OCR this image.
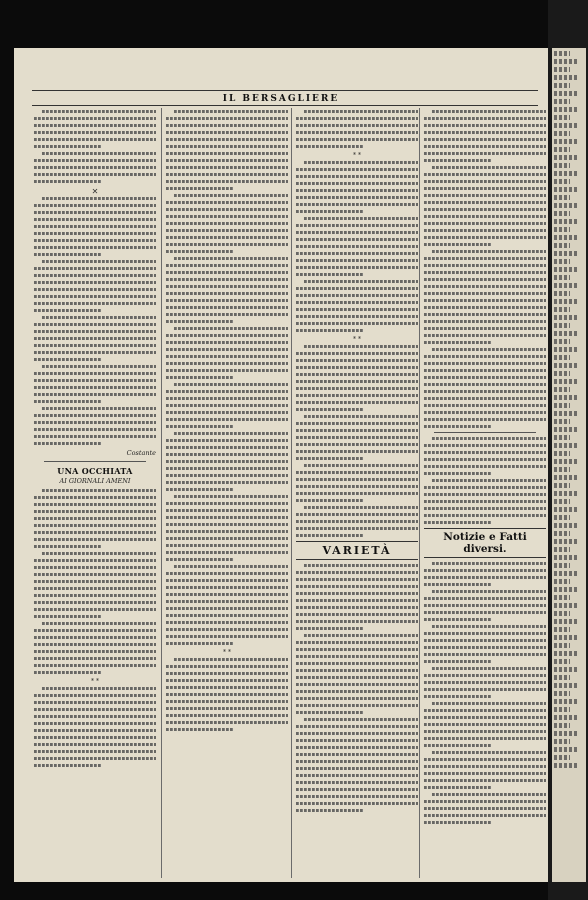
IL BERSAGLIERE
✕
Costante
UNA OCCHIATA
AI GIORNALI AMENI
* *
* *
* *
* *
VARIETÀ
Notizie e Fatti diversi.
